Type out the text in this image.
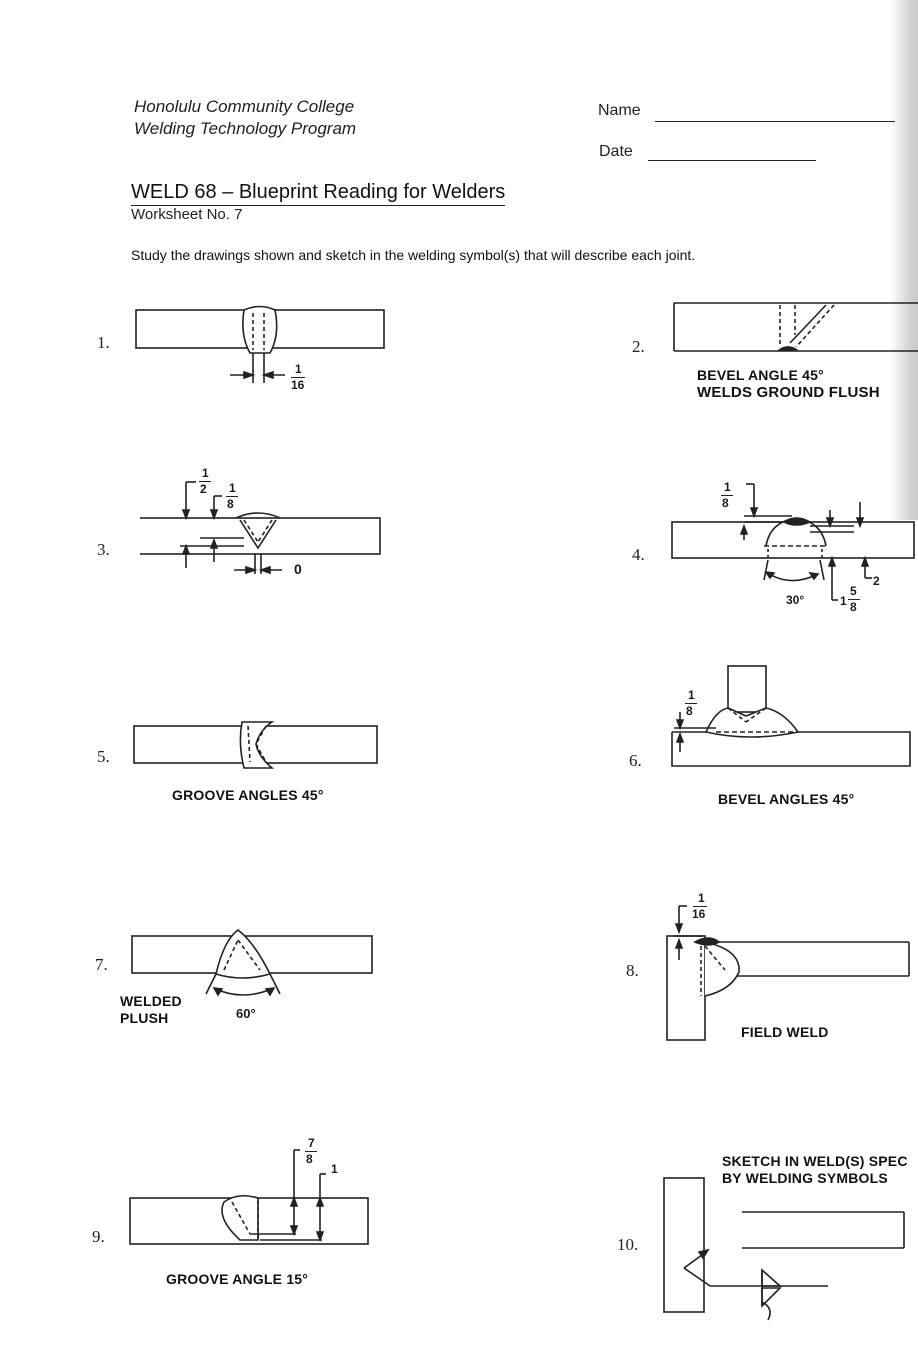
Honolulu Community College
Welding Technology Program
Name
Date
WELD 68 – Blueprint Reading for Welders
Worksheet No. 7
Study the drawings shown and sketch in the welding symbol(s) that will describe each joint.
1.	2.
3.	4.
5.	6.
7.	8.
9.	10.
BEVEL ANGLE 45°
WELDS GROUND FLUSH
GROOVE ANGLES 45°	BEVEL ANGLES 45°
WELDED
PLUSH
FIELD WELD
GROOVE ANGLE 15°
SKETCH IN WELD(S) SPEC
BY WELDING SYMBOLS
1
16
1
2 1
8
0
1
8
30°	1
5
8
2
1
8
60°
1
16
7
8
1
